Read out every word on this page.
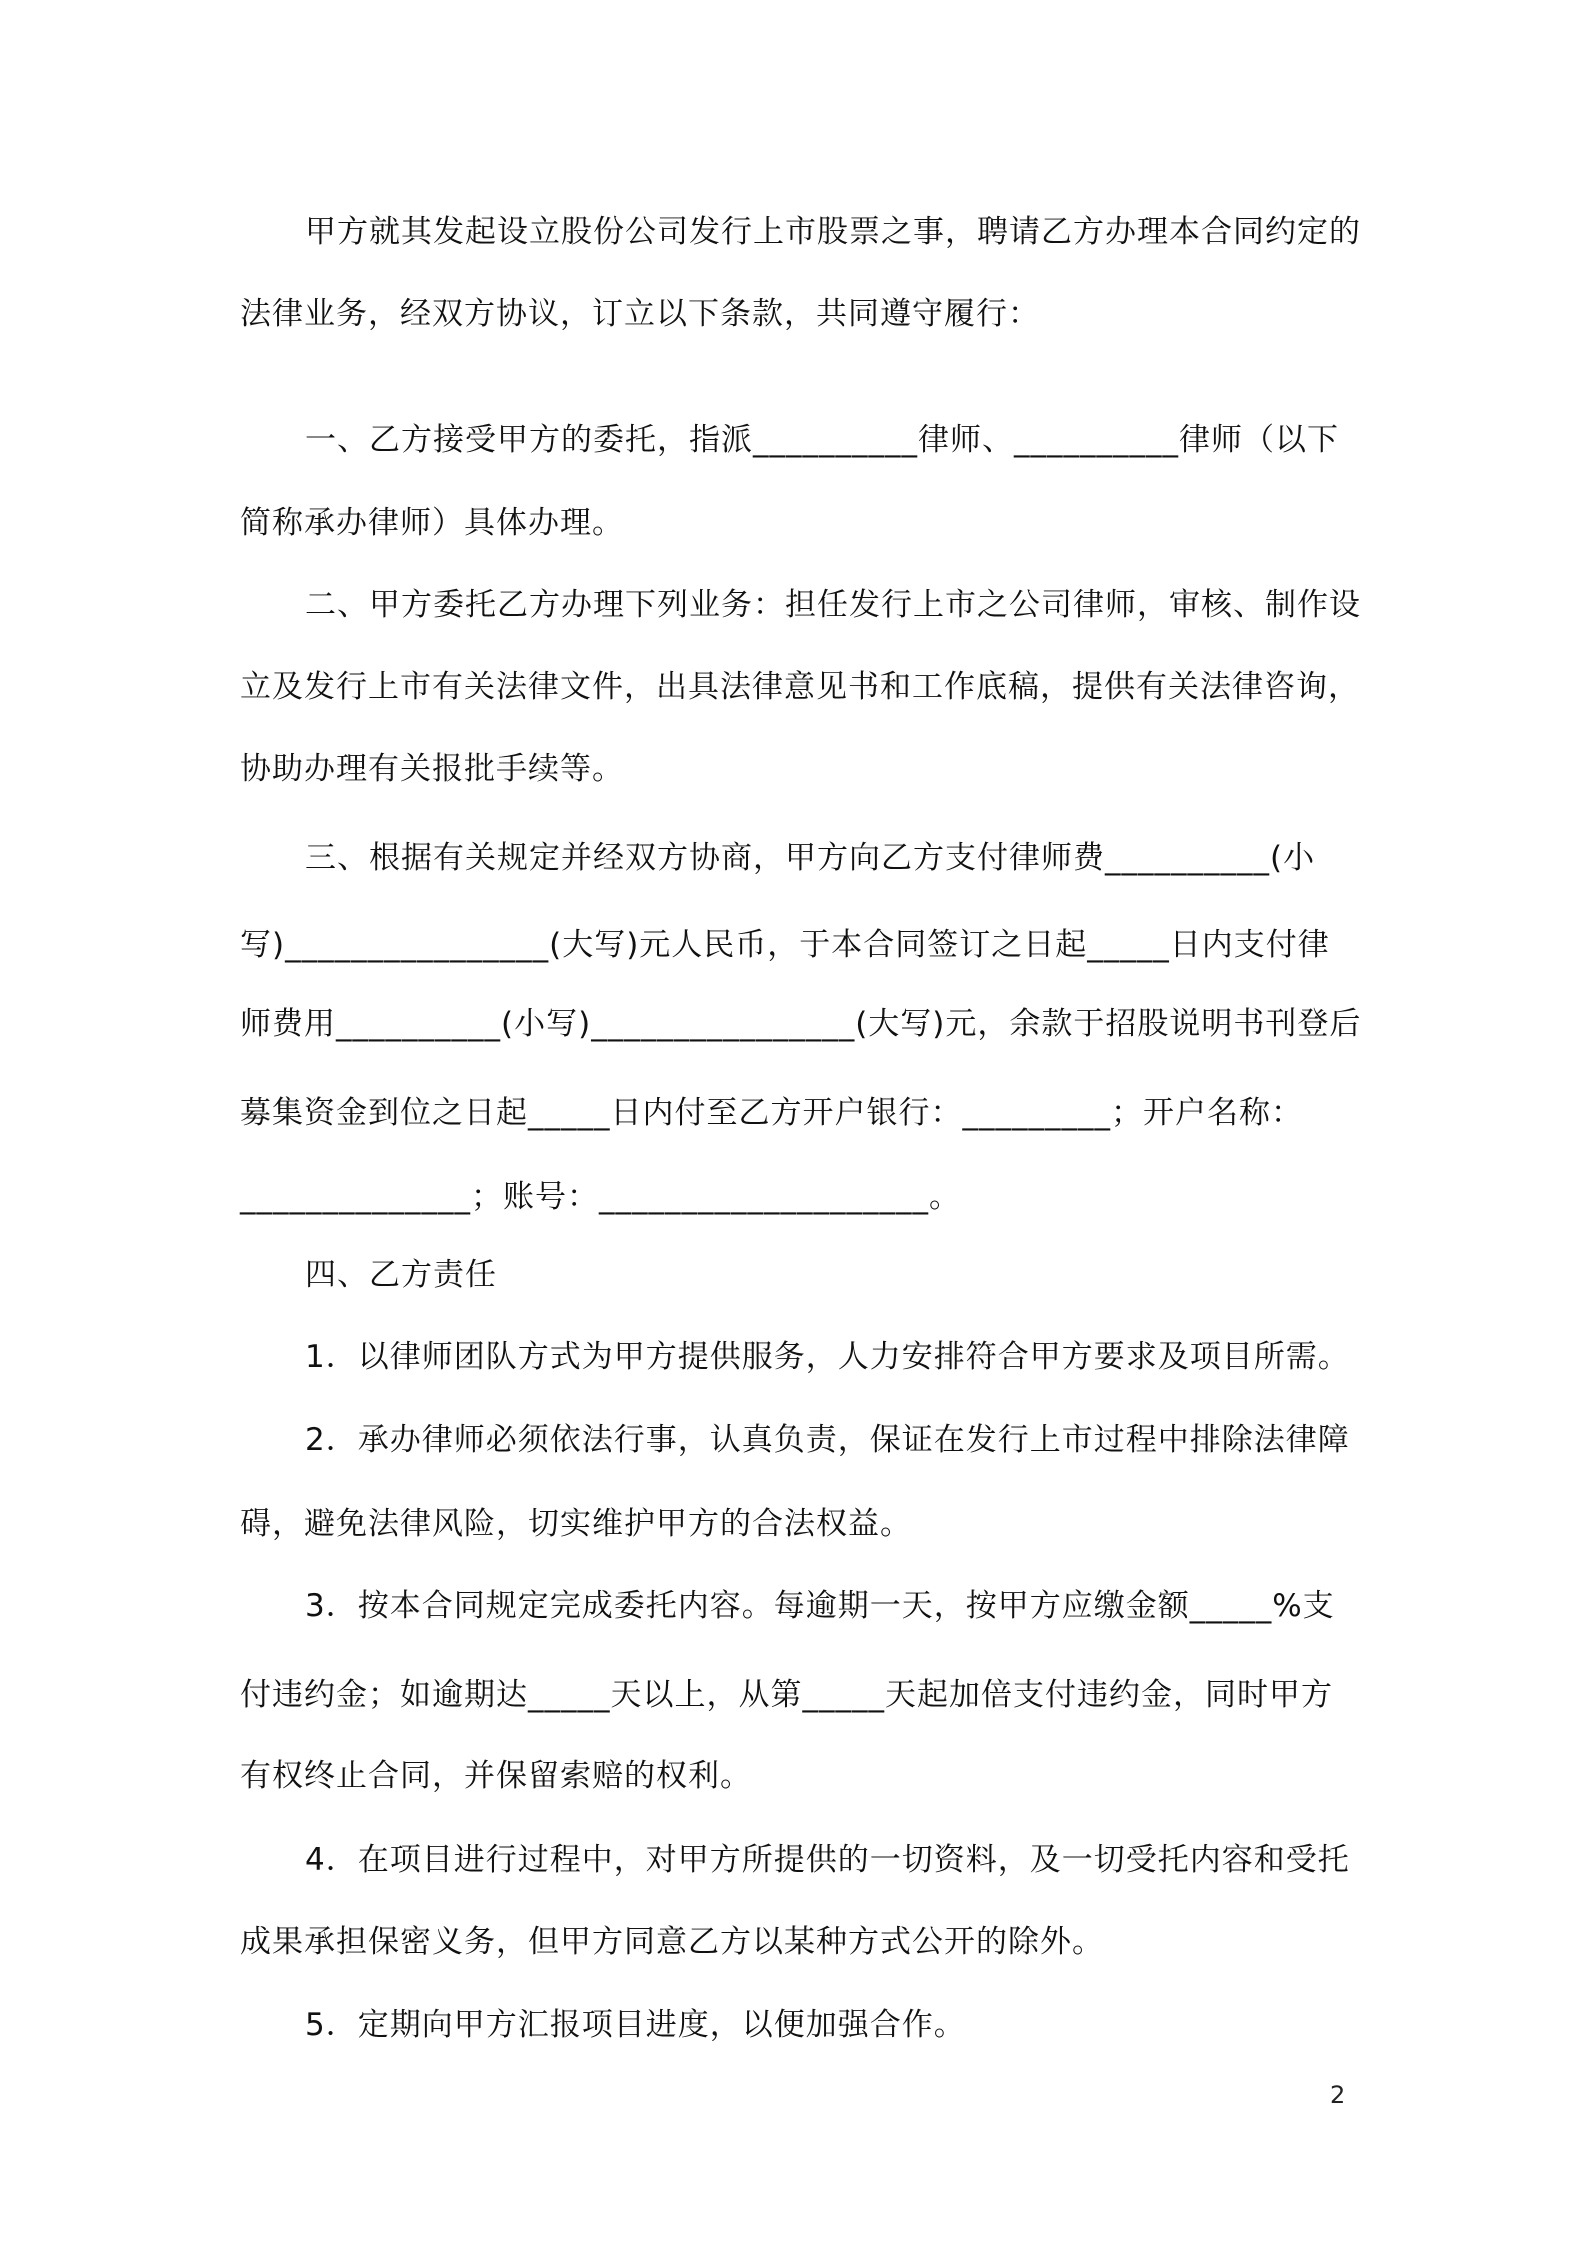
甲方就其发起设立股份公司发行上市股票之事，聘请乙方办理本合同约定的
法律业务，经双方协议，订立以下条款，共同遵守履行：
一、乙方接受甲方的委托，指派__________律师、__________律师（以下
简称承办律师）具体办理。
二、甲方委托乙方办理下列业务：担任发行上市之公司律师，审核、制作设
立及发行上市有关法律文件，出具法律意见书和工作底稿，提供有关法律咨询，
协助办理有关报批手续等。
三、根据有关规定并经双方协商，甲方向乙方支付律师费__________(小
写)________________(大写)元人民币，于本合同签订之日起_____日内支付律
师费用__________(小写)________________(大写)元，余款于招股说明书刊登后
募集资金到位之日起_____日内付至乙方开户银行：_________；开户名称：
______________；账号：____________________。
四、乙方责任
1．以律师团队方式为甲方提供服务，人力安排符合甲方要求及项目所需。
2．承办律师必须依法行事，认真负责，保证在发行上市过程中排除法律障
碍，避免法律风险，切实维护甲方的合法权益。
3．按本合同规定完成委托内容。每逾期一天，按甲方应缴金额_____%支
付违约金；如逾期达_____天以上，从第_____天起加倍支付违约金，同时甲方
有权终止合同，并保留索赔的权利。
4．在项目进行过程中，对甲方所提供的一切资料，及一切受托内容和受托
成果承担保密义务，但甲方同意乙方以某种方式公开的除外。
5．定期向甲方汇报项目进度，以便加强合作。
2
